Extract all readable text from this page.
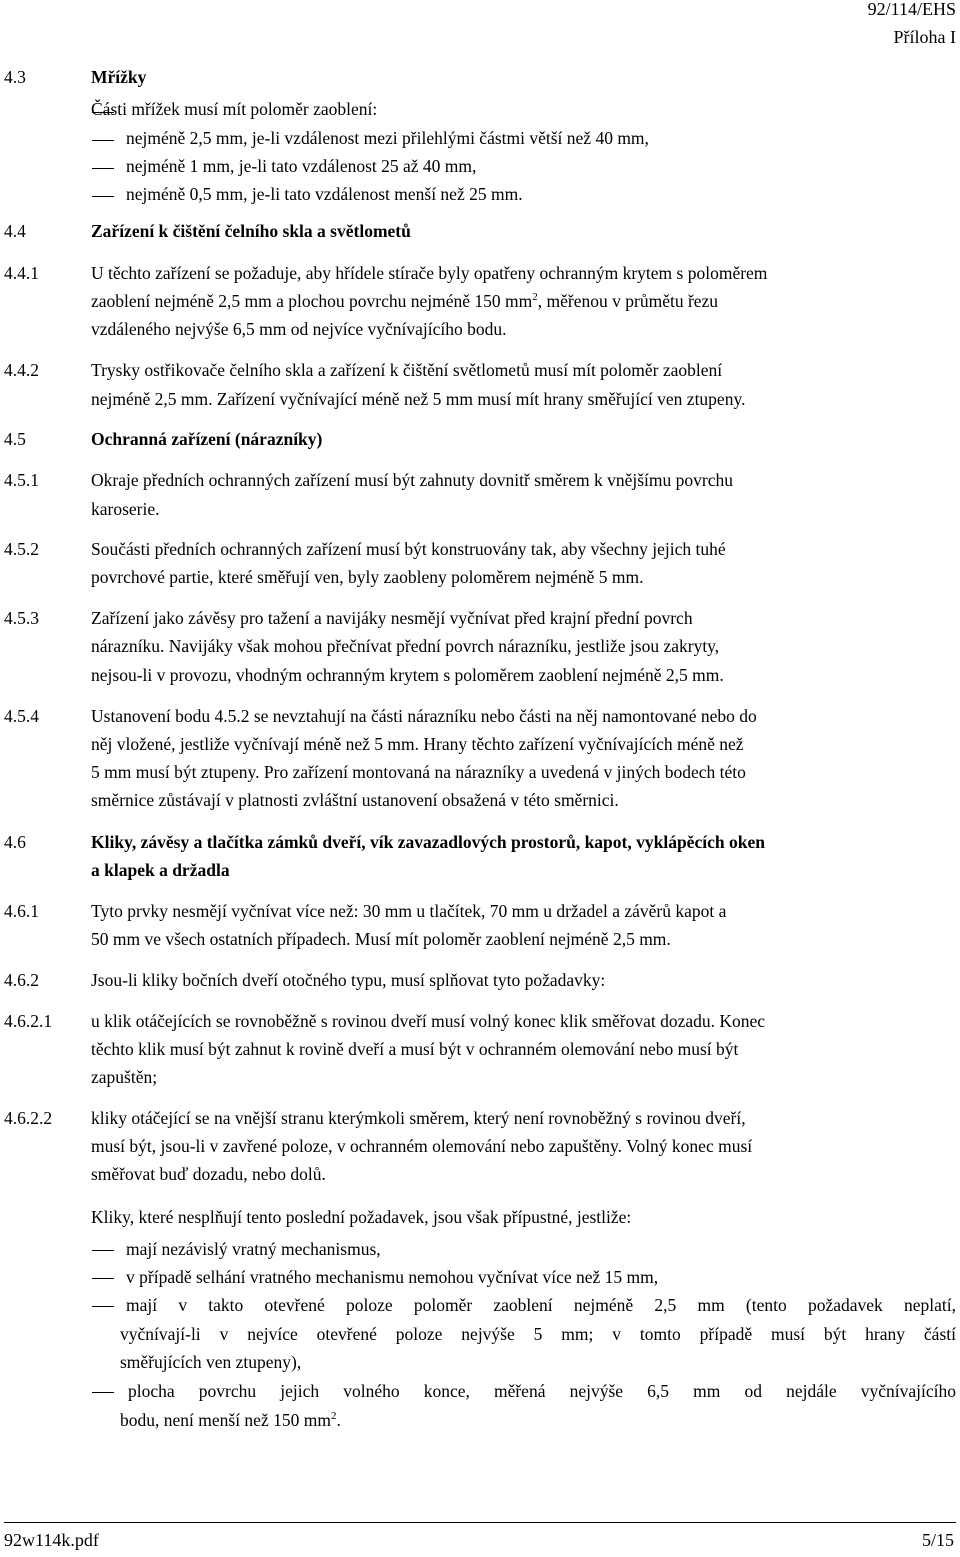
92/114/EHS
Příloha I
4.3	Mřížky
Části mřížek musí mít poloměr zaoblení:
nejméně 2,5 mm, je-li vzdálenost mezi přilehlými částmi větší než 40 mm,
nejméně 1 mm, je-li tato vzdálenost 25 až 40 mm,
nejméně 0,5 mm, je-li tato vzdálenost menší než 25 mm.
4.4	Zařízení k čištění čelního skla a světlometů
4.4.1	U těchto zařízení se požaduje, aby hřídele stírače byly opatřeny ochranným krytem s poloměrem
zaoblení nejméně 2,5 mm a plochou povrchu nejméně 150 $mm^2$, měřenou v průmětu řezu
vzdáleného nejvýše 6,5 mm od nejvíce vyčnívajícího bodu.
4.4.2	Trysky ostřikovače čelního skla a zařízení k čištění světlometů musí mít poloměr zaoblení
nejméně 2,5 mm. Zařízení vyčnívající méně než 5 mm musí mít hrany směřující ven ztupeny.
4.5	Ochranná zařízení (nárazníky)
4.5.1	Okraje předních ochranných zařízení musí být zahnuty dovnitř směrem k vnějšímu povrchu
karoserie.
4.5.2	Součásti předních ochranných zařízení musí být konstruovány tak, aby všechny jejich tuhé
povrchové partie, které směřují ven, byly zaobleny poloměrem nejméně 5 mm.
4.5.3	Zařízení jako závěsy pro tažení a navijáky nesmějí vyčnívat před krajní přední povrch
nárazníku. Navijáky však mohou přečnívat přední povrch nárazníku, jestliže jsou zakryty,
nejsou-li v provozu, vhodným ochranným krytem s poloměrem zaoblení nejméně 2,5 mm.
4.5.4	Ustanovení bodu 4.5.2 se nevztahují na části nárazníku nebo části na něj namontované nebo do
něj vložené, jestliže vyčnívají méně než 5 mm. Hrany těchto zařízení vyčnívajících méně než
5 mm musí být ztupeny. Pro zařízení montovaná na nárazníky a uvedená v jiných bodech této
směrnice zůstávají v platnosti zvláštní ustanovení obsažená v této směrnici.
4.6	Kliky, závěsy a tlačítka zámků dveří, vík zavazadlových prostorů, kapot, vyklápěcích oken
a klapek a držadla
4.6.1	Tyto prvky nesmějí vyčnívat více než: 30 mm u tlačítek, 70 mm u držadel a závěrů kapot a
50 mm ve všech ostatních případech. Musí mít poloměr zaoblení nejméně 2,5 mm.
4.6.2	Jsou-li kliky bočních dveří otočného typu, musí splňovat tyto požadavky:
4.6.2.1 u klik otáčejících se rovnoběžně s rovinou dveří musí volný konec klik směřovat dozadu. Konec
těchto klik musí být zahnut k rovině dveří a musí být v ochranném olemování nebo musí být
zapuštěn;
4.6.2.2 kliky otáčející se na vnější stranu kterýmkoli směrem, který není rovnoběžný s rovinou dveří,
musí být, jsou-li v zavřené poloze, v ochranném olemování nebo zapuštěny. Volný konec musí
směřovat buď dozadu, nebo dolů.
Kliky, které nesplňují tento poslední požadavek, jsou však přípustné, jestliže:
mají nezávislý vratný mechanismus,
v případě selhání vratného mechanismu nemohou vyčnívat více než 15 mm,
mají v takto otevřené poloze poloměr zaoblení nejméně 2,5 mm (tento požadavek neplatí,
vyčnívají-li v nejvíce otevřené poloze nejvýše 5 mm; v tomto případě musí být hrany částí
směřujících ven ztupeny),
plocha povrchu jejich volného konce, měřená nejvýše 6,5 mm od nejdále vyčnívajícího
bodu, není menší než 150 $mm^2$.
92w114k.pdf	5/15
